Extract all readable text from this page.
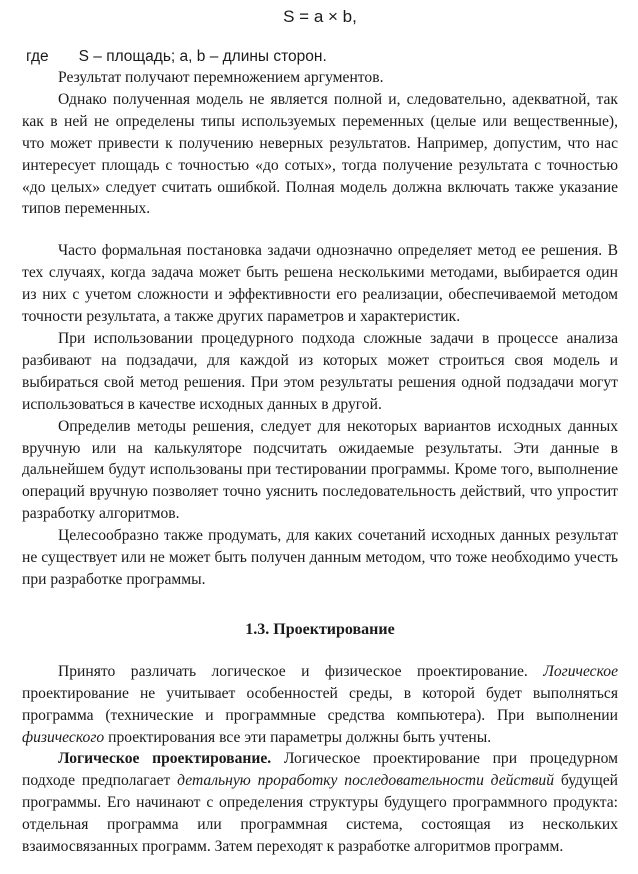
S = a × b,
где S – площадь; a, b – длины сторон.

Результат получают перемножением аргументов.

Однако полученная модель не является полной и, следовательно, адекватной, так как в ней не определены типы используемых переменных (целые или вещественные), что может привести к получению неверных результатов. Например, допустим, что нас интересует площадь с точностью «до сотых», тогда получение результата с точностью «до целых» следует считать ошибкой. Полная модель должна включать также указание типов переменных.

Часто формальная постановка задачи однозначно определяет метод ее решения. В тех случаях, когда задача может быть решена несколькими методами, выбирается один из них с учетом сложности и эффективности его реализации, обеспечиваемой методом точности результата, а также других параметров и характеристик.

При использовании процедурного подхода сложные задачи в процессе анализа разбивают на подзадачи, для каждой из которых может строиться своя модель и выбираться свой метод решения. При этом результаты решения одной подзадачи могут использоваться в качестве исходных данных в другой.

Определив методы решения, следует для некоторых вариантов исходных данных вручную или на калькуляторе подсчитать ожидаемые результаты. Эти данные в дальнейшем будут использованы при тестировании программы. Кроме того, выполнение операций вручную позволяет точно уяснить последовательность действий, что упростит разработку алгоритмов.

Целесообразно также продумать, для каких сочетаний исходных данных результат не существует или не может быть получен данным методом, что тоже необходимо учесть при разработке программы.

1.3. Проектирование

Принято различать логическое и физическое проектирование. Логическое проектирование не учитывает особенностей среды, в которой будет выполняться программа (технические и программные средства компьютера). При выполнении физического проектирования все эти параметры должны быть учтены.

Логическое проектирование. Логическое проектирование при процедурном подходе предполагает детальную проработку последовательности действий будущей программы. Его начинают с определения структуры будущего программного продукта: отдельная программа или программная система, состоящая из нескольких взаимосвязанных программ. Затем переходят к разработке алгоритмов программ.
